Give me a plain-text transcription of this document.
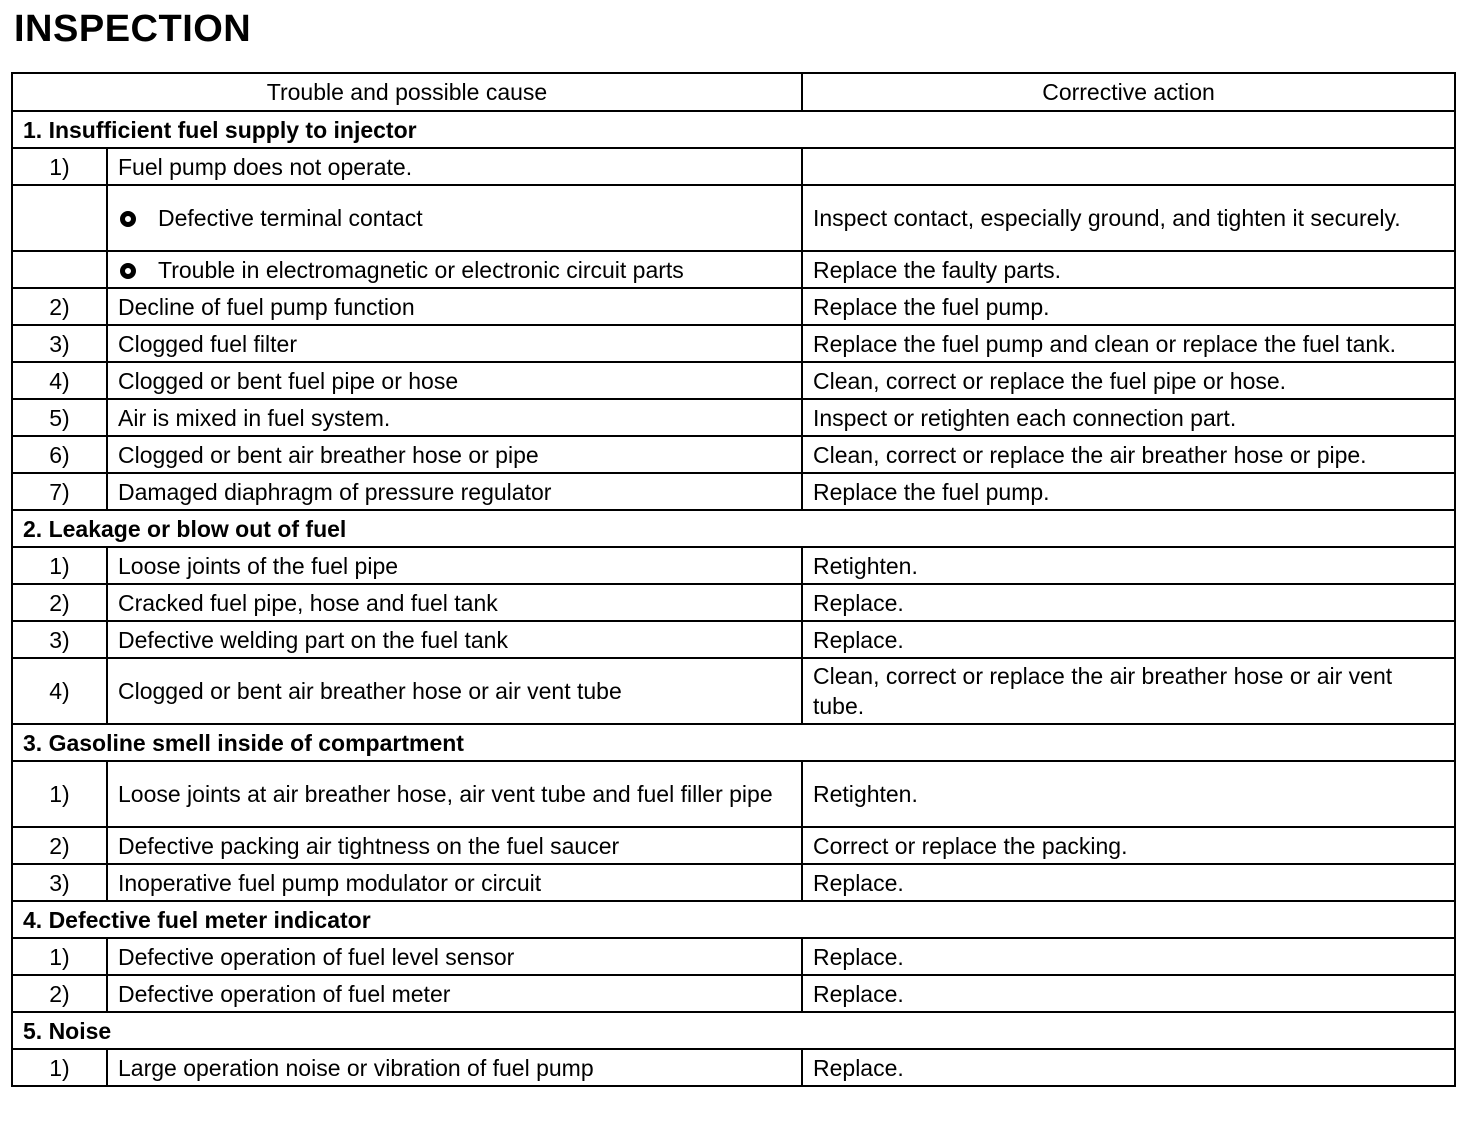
INSPECTION
Trouble and possible cause		Corrective action
1. Insufficient fuel supply to injector		
1)	Fuel pump does not operate.	
	Defective terminal contact	Inspect contact, especially ground, and tighten it securely.
	Trouble in electromagnetic or electronic circuit parts	Replace the faulty parts.
2)	Decline of fuel pump function	Replace the fuel pump.
3)	Clogged fuel filter	Replace the fuel pump and clean or replace the fuel tank.
4)	Clogged or bent fuel pipe or hose	Clean, correct or replace the fuel pipe or hose.
5)	Air is mixed in fuel system.	Inspect or retighten each connection part.
6)	Clogged or bent air breather hose or pipe	Clean, correct or replace the air breather hose or pipe.
7)	Damaged diaphragm of pressure regulator	Replace the fuel pump.
2. Leakage or blow out of fuel		
1)	Loose joints of the fuel pipe	Retighten.
2)	Cracked fuel pipe, hose and fuel tank	Replace.
3)	Defective welding part on the fuel tank	Replace.
4)	Clogged or bent air breather hose or air vent tube	Clean, correct or replace the air breather hose or air vent tube.
3. Gasoline smell inside of compartment		
1)	Loose joints at air breather hose, air vent tube and fuel filler pipe	Retighten.
2)	Defective packing air tightness on the fuel saucer	Correct or replace the packing.
3)	Inoperative fuel pump modulator or circuit	Replace.
4. Defective fuel meter indicator		
1)	Defective operation of fuel level sensor	Replace.
2)	Defective operation of fuel meter	Replace.
5. Noise		
1)	Large operation noise or vibration of fuel pump	Replace.
